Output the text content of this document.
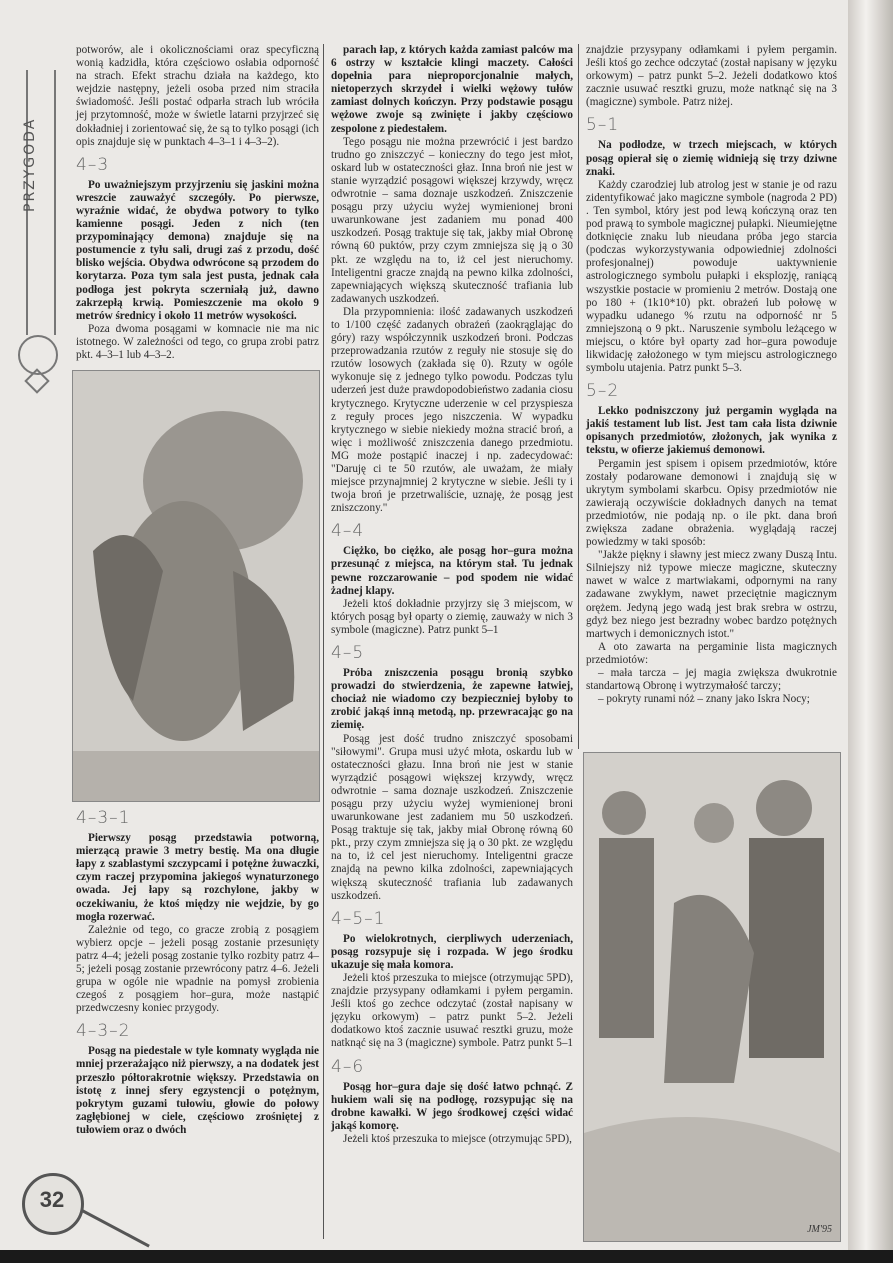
PRZYGODA

potworów, ale i okolicznościami oraz specyficzną wonią kadzidła, która częściowo osłabia odporność na strach. Efekt strachu działa na każdego, kto wejdzie następny, jeżeli osoba przed nim straciła świadomość. Jeśli postać odparła strach lub wróciła jej przytomność, może w świetle latarni przyjrzeć się dokładniej i zorientować się, że są to tylko posągi (ich opis znajduje się w punktach 4–3–1 i 4–3–2).

4–3

Po uważniejszym przyjrzeniu się jaskini można wreszcie zauważyć szczegóły. Po pierwsze, wyraźnie widać, że obydwa potwory to tylko kamienne posągi. Jeden z nich (ten przypominający demona) znajduje się na postumencie z tyłu sali, drugi zaś z przodu, dość blisko wejścia. Obydwa odwrócone są przodem do korytarza. Poza tym sala jest pusta, jednak cała podłoga jest pokryta sczerniałą już, dawno zakrzepłą krwią. Pomieszczenie ma około 9 metrów średnicy i około 11 metrów wysokości.

Poza dwoma posągami w komnacie nie ma nic istotnego. W zależności od tego, co grupa zrobi patrz pkt. 4–3–1 lub 4–3–2.

4–3–1

Pierwszy posąg przedstawia potworną, mierzącą prawie 3 metry bestię. Ma ona długie łapy z szablastymi szczypcami i potężne żuwaczki, czym raczej przypomina jakiegoś wynaturzonego owada. Jej łapy są rozchylone, jakby w oczekiwaniu, że ktoś między nie wejdzie, by go mogła rozerwać.

Zależnie od tego, co gracze zrobią z posągiem wybierz opcje – jeżeli posąg zostanie przesunięty patrz 4–4; jeżeli posąg zostanie tylko rozbity patrz 4–5; jeżeli posąg zostanie przewrócony patrz 4–6. Jeżeli grupa w ogóle nie wpadnie na pomysł zrobienia czegoś z posągiem hor–gura, może nastąpić przedwczesny koniec przygody.

4–3–2

Posąg na piedestale w tyle komnaty wygląda nie mniej przerażająco niż pierwszy, a na dodatek jest przeszło półtorakrotnie większy. Przedstawia on istotę z innej sfery egzystencji o potężnym, pokrytym guzami tułowiu, głowie do połowy zagłębionej w ciele, częściowo zrośniętej z tułowiem oraz o dwóch

parach łap, z których każda zamiast palców ma 6 ostrzy w kształcie klingi maczety. Całości dopełnia para nieproporcjonalnie małych, nietoperzych skrzydeł i wielki wężowy tułów zamiast dolnych kończyn. Przy podstawie posągu wężowe zwoje są zwinięte i jakby częściowo zespolone z piedestałem.

Tego posągu nie można przewrócić i jest bardzo trudno go zniszczyć – konieczny do tego jest młot, oskard lub w ostateczności głaz. Inna broń nie jest w stanie wyrządzić posągowi większej krzywdy, wręcz odwrotnie – sama doznaje uszkodzeń. Zniszczenie posągu przy użyciu wyżej wymienionej broni uwarunkowane jest zadaniem mu ponad 400 uszkodzeń. Posąg traktuje się tak, jakby miał Obronę równą 60 puktów, przy czym zmniejsza się ją o 30 pkt. ze względu na to, iż cel jest nieruchomy. Inteligentni gracze znajdą na pewno kilka zdolności, zapewniających większą skuteczność trafiania lub zadawanych uszkodzeń.

Dla przypomnienia: ilość zadawanych uszkodzeń to 1/100 część zadanych obrażeń (zaokrąglając do góry) razy współczynnik uszkodzeń broni. Podczas przeprowadzania rzutów z reguły nie stosuje się do rzutów losowych (zakłada się 0). Rzuty w ogóle wykonuje się z jednego tylko powodu. Podczas tylu uderzeń jest duże prawdopodobieństwo zadania ciosu krytycznego. Krytyczne uderzenie w cel przyspiesza z reguły proces jego niszczenia. W wypadku krytycznego w siebie niekiedy można stracić broń, a więc i możliwość zniszczenia danego przedmiotu. MG może postąpić inaczej i np. zadecydować: "Daruję ci te 50 rzutów, ale uważam, że miały miejsce przynajmniej 2 krytyczne w siebie. Jeśli ty i twoja broń je przetrwaliście, uznaję, że posąg jest zniszczony."

4–4

Ciężko, bo ciężko, ale posąg hor–gura można przesunąć z miejsca, na którym stał. Tu jednak pewne rozczarowanie – pod spodem nie widać żadnej klapy.

Jeżeli ktoś dokładnie przyjrzy się 3 miejscom, w których posąg był oparty o ziemię, zauważy w nich 3 symbole (magiczne). Patrz punkt 5–1

4–5

Próba zniszczenia posągu bronią szybko prowadzi do stwierdzenia, że zapewne łatwiej, chociaż nie wiadomo czy bezpieczniej byłoby to zrobić jakąś inną metodą, np. przewracając go na ziemię.

Posąg jest dość trudno zniszczyć sposobami "siłowymi". Grupa musi użyć młota, oskardu lub w ostateczności głazu. Inna broń nie jest w stanie wyrządzić posągowi większej krzywdy, wręcz odwrotnie – sama doznaje uszkodzeń. Zniszczenie posągu przy użyciu wyżej wymienionej broni uwarunkowane jest zadaniem mu 50 uszkodzeń. Posąg traktuje się tak, jakby miał Obronę równą 60 pkt., przy czym zmniejsza się ją o 30 pkt. ze względu na to, iż cel jest nieruchomy. Inteligentni gracze znajdą na pewno kilka zdolności, zapewniających większą skuteczność trafiania lub zadawanych uszkodzeń.

4–5–1

Po wielokrotnych, cierpliwych uderzeniach, posąg rozsypuje się i rozpada. W jego środku ukazuje się mała komora.

Jeżeli ktoś przeszuka to miejsce (otrzymując 5PD), znajdzie przysypany odłamkami i pyłem pergamin. Jeśli ktoś go zechce odczytać (został napisany w języku orkowym) – patrz punkt 5–2. Jeżeli dodatkowo ktoś zacznie usuwać resztki gruzu, może natknąć się na 3 (magiczne) symbole. Patrz punkt 5–1

4–6

Posąg hor–gura daje się dość łatwo pchnąć. Z hukiem wali się na podłogę, rozsypując się na drobne kawałki. W jego środkowej części widać jakąś komorę.

Jeżeli ktoś przeszuka to miejsce (otrzymując 5PD),

znajdzie przysypany odłamkami i pyłem pergamin. Jeśli ktoś go zechce odczytać (został napisany w języku orkowym) – patrz punkt 5–2. Jeżeli dodatkowo ktoś zacznie usuwać resztki gruzu, może natknąć się na 3 (magiczne) symbole. Patrz niżej.

5–1

Na podłodze, w trzech miejscach, w których posąg opierał się o ziemię widnieją się trzy dziwne znaki.

Każdy czarodziej lub atrolog jest w stanie je od razu zidentyfikować jako magiczne symbole (nagroda 2 PD) . Ten symbol, który jest pod lewą kończyną oraz ten pod prawą to symbole magicznej pułapki. Nieumiejętne dotknięcie znaku lub nieudana próba jego starcia (podczas wykorzystywania odpowiedniej zdolności profesjonalnej) powoduje uaktywnienie astrologicznego symbolu pułapki i eksplozję, raniącą wszystkie postacie w promieniu 2 metrów. Dostają one po 180 + (1k10*10) pkt. obrażeń lub połowę w wypadku udanego % rzutu na odporność nr 5 zmniejszoną o 9 pkt.. Naruszenie symbolu leżącego w miejscu, o które był oparty zad hor–gura powoduje likwidację założonego w tym miejscu astrologicznego symbolu utajenia. Patrz punkt 5–3.

5–2

Lekko podniszczony już pergamin wygląda na jakiś testament lub list. Jest tam cała lista dziwnie opisanych przedmiotów, złożonych, jak wynika z tekstu, w ofierze jakiemuś demonowi.

Pergamin jest spisem i opisem przedmiotów, które zostały podarowane demonowi i znajdują się w ukrytym symbolami skarbcu. Opisy przedmiotów nie zawierają oczywiście dokładnych danych na temat przedmiotów, nie podają np. o ile pkt. dana broń zwiększa zadane obrażenia. wyglądają raczej powiedzmy w taki sposób:

"Jakże piękny i sławny jest miecz zwany Duszą Intu. Silniejszy niż typowe miecze magiczne, skuteczny nawet w walce z martwiakami, odpornymi na rany zadawane zwykłym, nawet przeciętnie magicznym orężem. Jedyną jego wadą jest brak srebra w ostrzu, gdyż bez niego jest bezradny wobec bardzo potężnych martwych i demonicznych istot."

A oto zawarta na pergaminie lista magicznych przedmiotów:

– mała tarcza – jej magia zwiększa dwukrotnie standartową Obronę i wytrzymałość tarczy;

– pokryty runami nóż – znany jako Iskra Nocy;

JM'95
32
